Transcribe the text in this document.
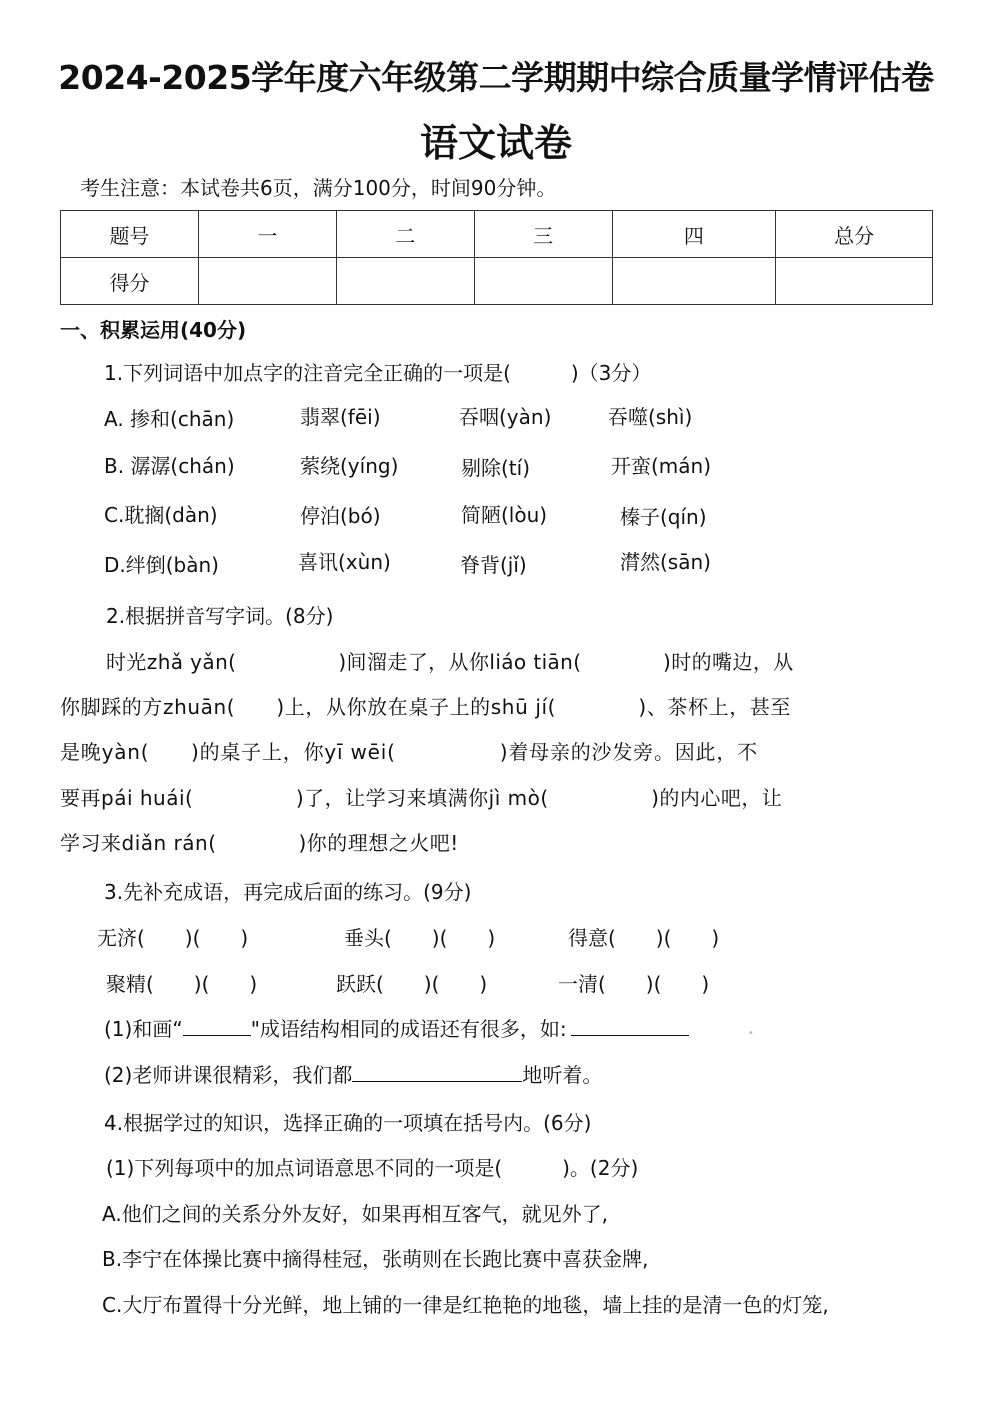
2024-2025学年度六年级第二学期期中综合质量学情评估卷
语文试卷
考生注意：本试卷共6页，满分100分，时间90分钟。
题号	一	二	三	四	总分
得分					
一、积累运用(40分)
1.下列词语中加点字的注音完全正确的一项是(　　　)（3分）
A. 掺和(chān)	翡翠(fēi)	吞咽(yàn)	吞噬(shì)
B. 潺潺(chán)	萦绕(yíng)	剔除(tí)	开蛮(mán)
C.耽搁(dàn)	停泊(bó)	简陋(lòu)	榛子(qín)
D.绊倒(bàn)	喜讯(xùn)	脊背(jǐ)	潸然(sān)
2.根据拼音写字词。(8分)
时光zhǎ yǎn(　　　　　)间溜走了，从你liáo tiān(　　　　)时的嘴边，从
你脚踩的方zhuān(　　)上，从你放在桌子上的shū jí(　　　　)、茶杯上，甚至
是晚yàn(　　)的桌子上，你yī wēi(　　　　　)着母亲的沙发旁。因此，不
要再pái huái(　　　　　)了，让学习来填满你jì mò(　　　　　)的内心吧，让
学习来diǎn rán(　　　　)你的理想之火吧!
3.先补充成语，再完成后面的练习。(9分)
无济(　　)(　　)	垂头(　　)(　　)	得意(　　)(　　)
聚精(　　)(　　)	跃跃(　　)(　　)	一清(　　)(　　)
(1)和画“	"成语结构相同的成语还有很多，如:	•
(2)老师讲课很精彩，我们都	地听着。
4.根据学过的知识，选择正确的一项填在括号内。(6分)
(1)下列每项中的加点词语意思不同的一项是(　　　)。(2分)
A.他们之间的关系分外友好，如果再相互客气，就见外了,
B.李宁在体操比赛中摘得桂冠，张萌则在长跑比赛中喜获金牌,
C.大厅布置得十分光鲜，地上铺的一律是红艳艳的地毯，墙上挂的是清一色的灯笼,
